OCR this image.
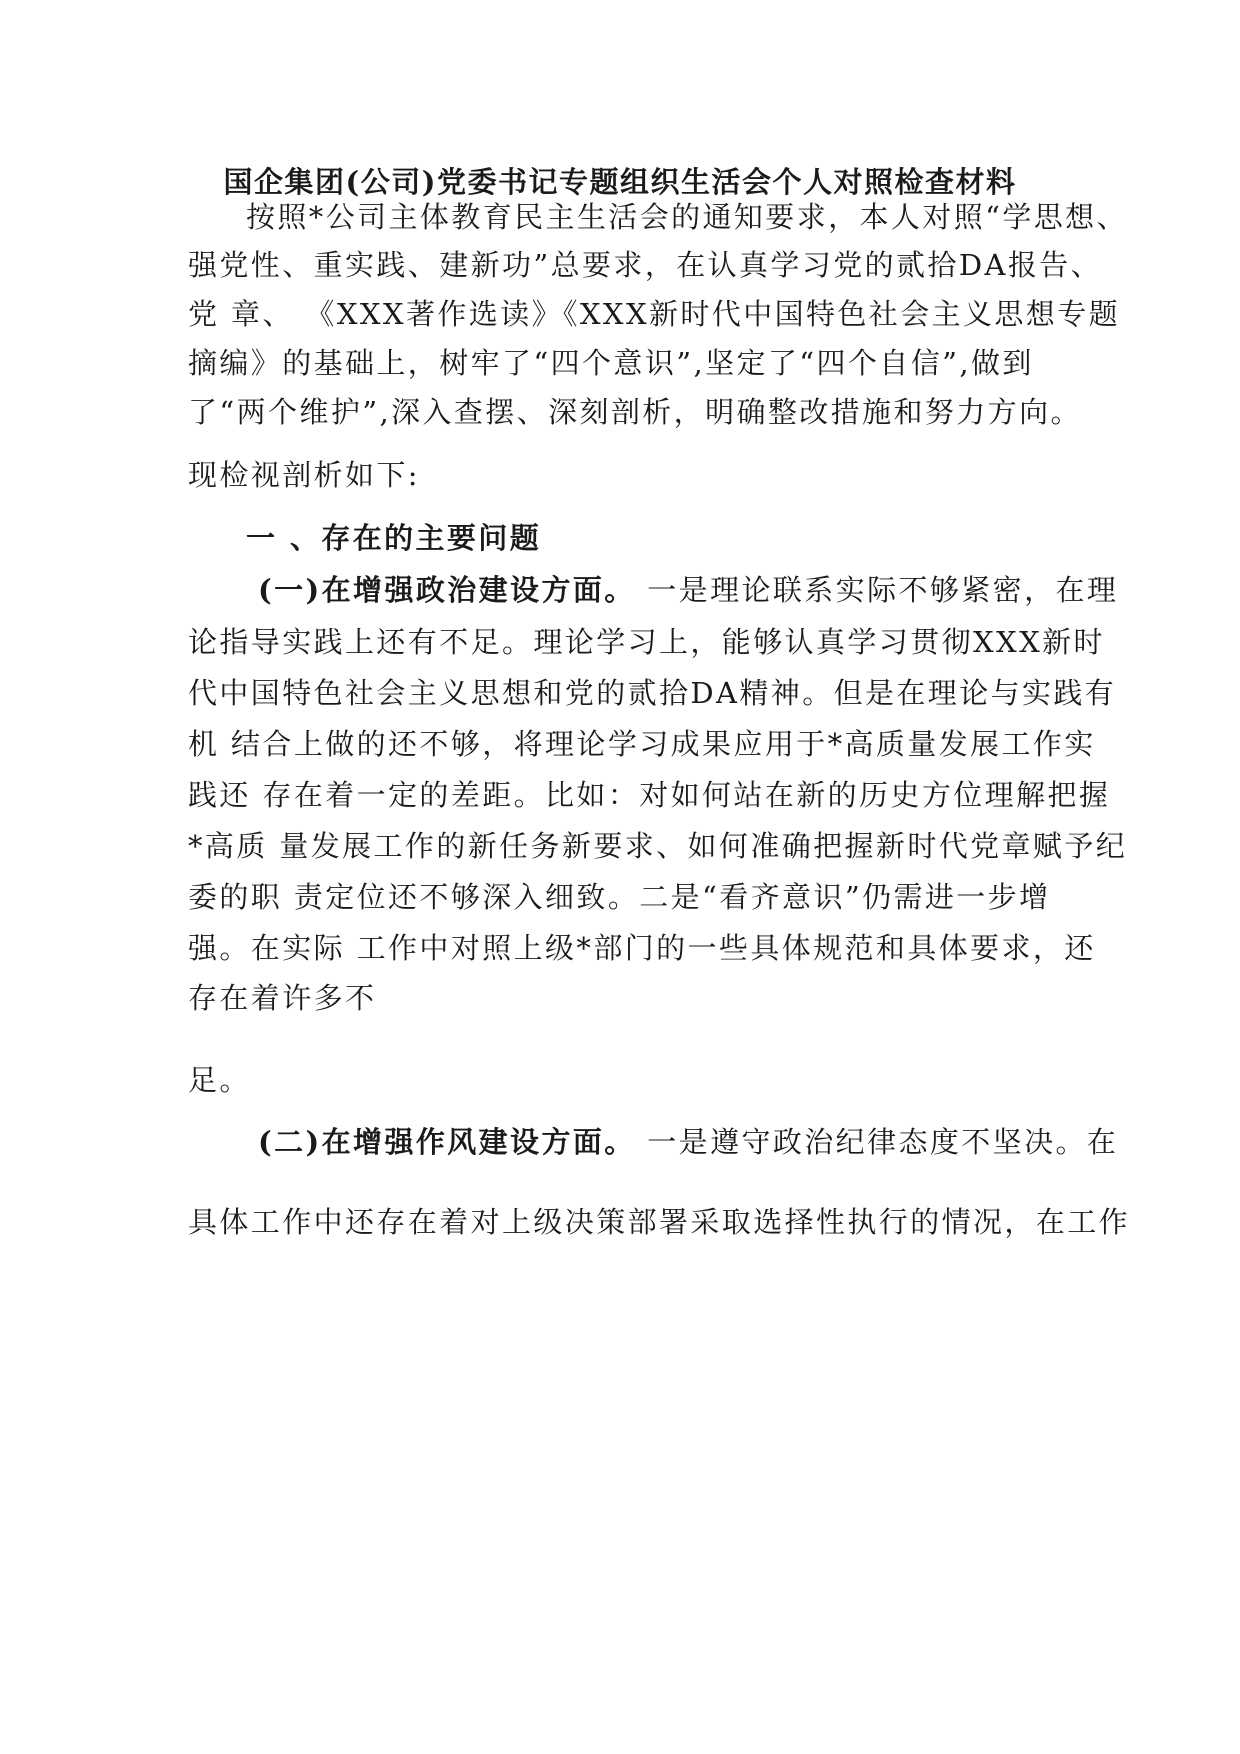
国企集团(公司)党委书记专题组织生活会个人对照检查材料
按照*公司主体教育民主生活会的通知要求，本人对照“学思想、
强党性、重实践、建新功”总要求，在认真学习党的贰拾DA报告、
党 章、 《XXX著作选读》《XXX新时代中国特色社会主义思想专题
摘编》的基础上，树牢了“四个意识”,坚定了“四个自信”,做到
了“两个维护”,深入查摆、深刻剖析，明确整改措施和努力方向。
现检视剖析如下:
一 、存在的主要问题
(一)在增强政治建设方面。 一是理论联系实际不够紧密，在理
论指导实践上还有不足。理论学习上，能够认真学习贯彻XXX新时
代中国特色社会主义思想和党的贰拾DA精神。但是在理论与实践有
机 结合上做的还不够，将理论学习成果应用于*高质量发展工作实
践还 存在着一定的差距。比如：对如何站在新的历史方位理解把握
*高质 量发展工作的新任务新要求、如何准确把握新时代党章赋予纪
委的职 责定位还不够深入细致。二是“看齐意识”仍需进一步增
强。在实际 工作中对照上级*部门的一些具体规范和具体要求，还
存在着许多不
足。
(二)在增强作风建设方面。 一是遵守政治纪律态度不坚决。在
具体工作中还存在着对上级决策部署采取选择性执行的情况，在工作
